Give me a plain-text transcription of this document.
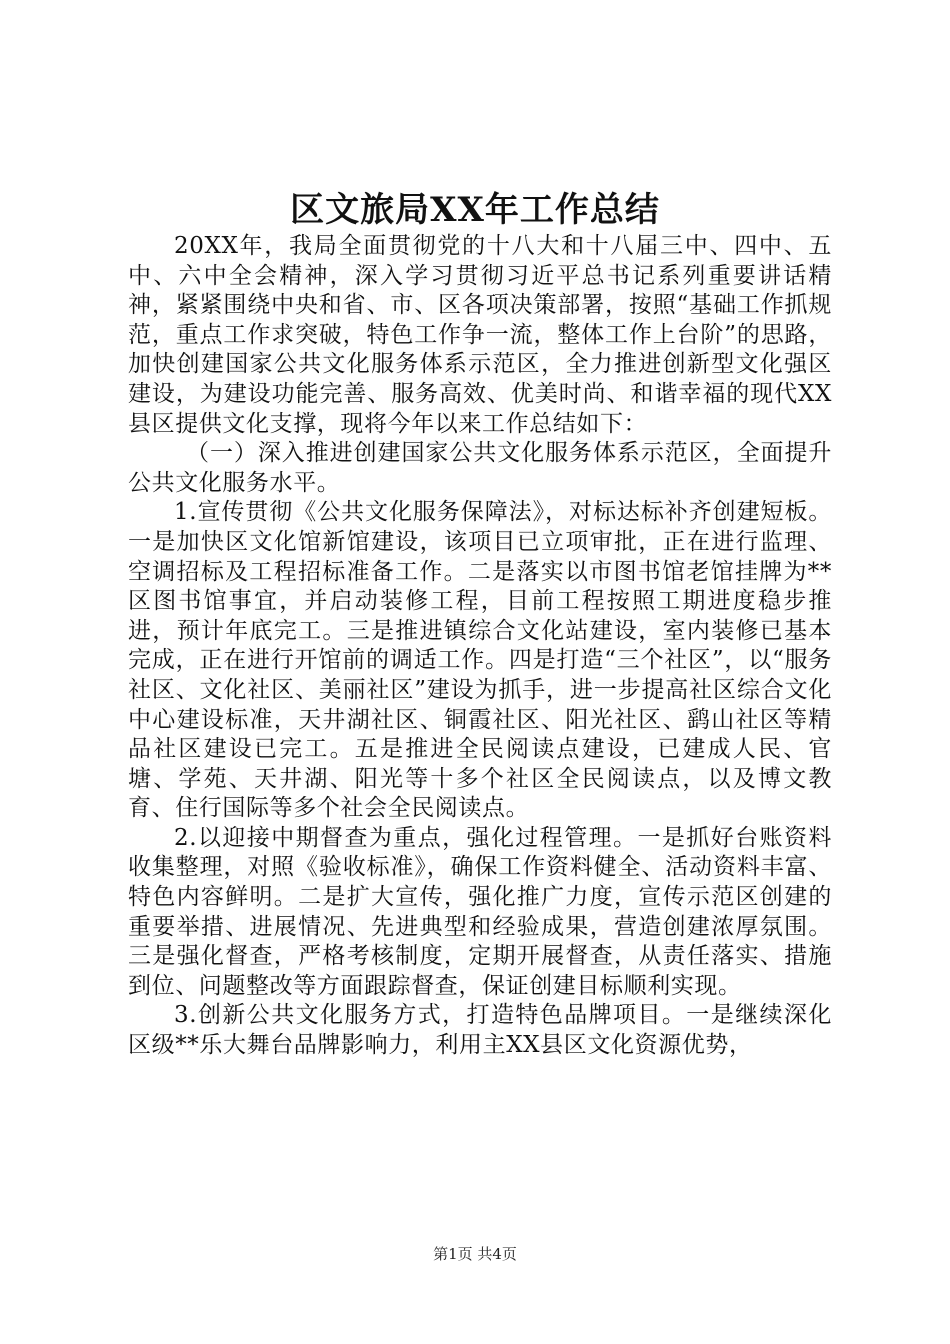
区文旅局XX年工作总结

20XX年，我局全面贯彻党的十八大和十八届三中、四中、五中、六中全会精神，深入学习贯彻习近平总书记系列重要讲话精神，紧紧围绕中央和省、市、区各项决策部署，按照“基础工作抓规范，重点工作求突破，特色工作争一流，整体工作上台阶”的思路，加快创建国家公共文化服务体系示范区，全力推进创新型文化强区建设，为建设功能完善、服务高效、优美时尚、和谐幸福的现代XX县区提供文化支撑，现将今年以来工作总结如下：

（一）深入推进创建国家公共文化服务体系示范区，全面提升公共文化服务水平。

1.宣传贯彻《公共文化服务保障法》，对标达标补齐创建短板。一是加快区文化馆新馆建设，该项目已立项审批，正在进行监理、空调招标及工程招标准备工作。二是落实以市图书馆老馆挂牌为**区图书馆事宜，并启动装修工程，目前工程按照工期进度稳步推进，预计年底完工。三是推进镇综合文化站建设，室内装修已基本完成，正在进行开馆前的调适工作。四是打造“三个社区”，以“服务社区、文化社区、美丽社区”建设为抓手，进一步提高社区综合文化中心建设标准，天井湖社区、铜霞社区、阳光社区、鹞山社区等精品社区建设已完工。五是推进全民阅读点建设，已建成人民、官塘、学苑、天井湖、阳光等十多个社区全民阅读点，以及博文教育、住行国际等多个社会全民阅读点。

2.以迎接中期督查为重点，强化过程管理。一是抓好台账资料收集整理，对照《验收标准》，确保工作资料健全、活动资料丰富、特色内容鲜明。二是扩大宣传，强化推广力度，宣传示范区创建的重要举措、进展情况、先进典型和经验成果，营造创建浓厚氛围。三是强化督查，严格考核制度，定期开展督查，从责任落实、措施到位、问题整改等方面跟踪督查，保证创建目标顺利实现。

3.创新公共文化服务方式，打造特色品牌项目。一是继续深化区级**乐大舞台品牌影响力，利用主XX县区文化资源优势，

第1页 共4页
